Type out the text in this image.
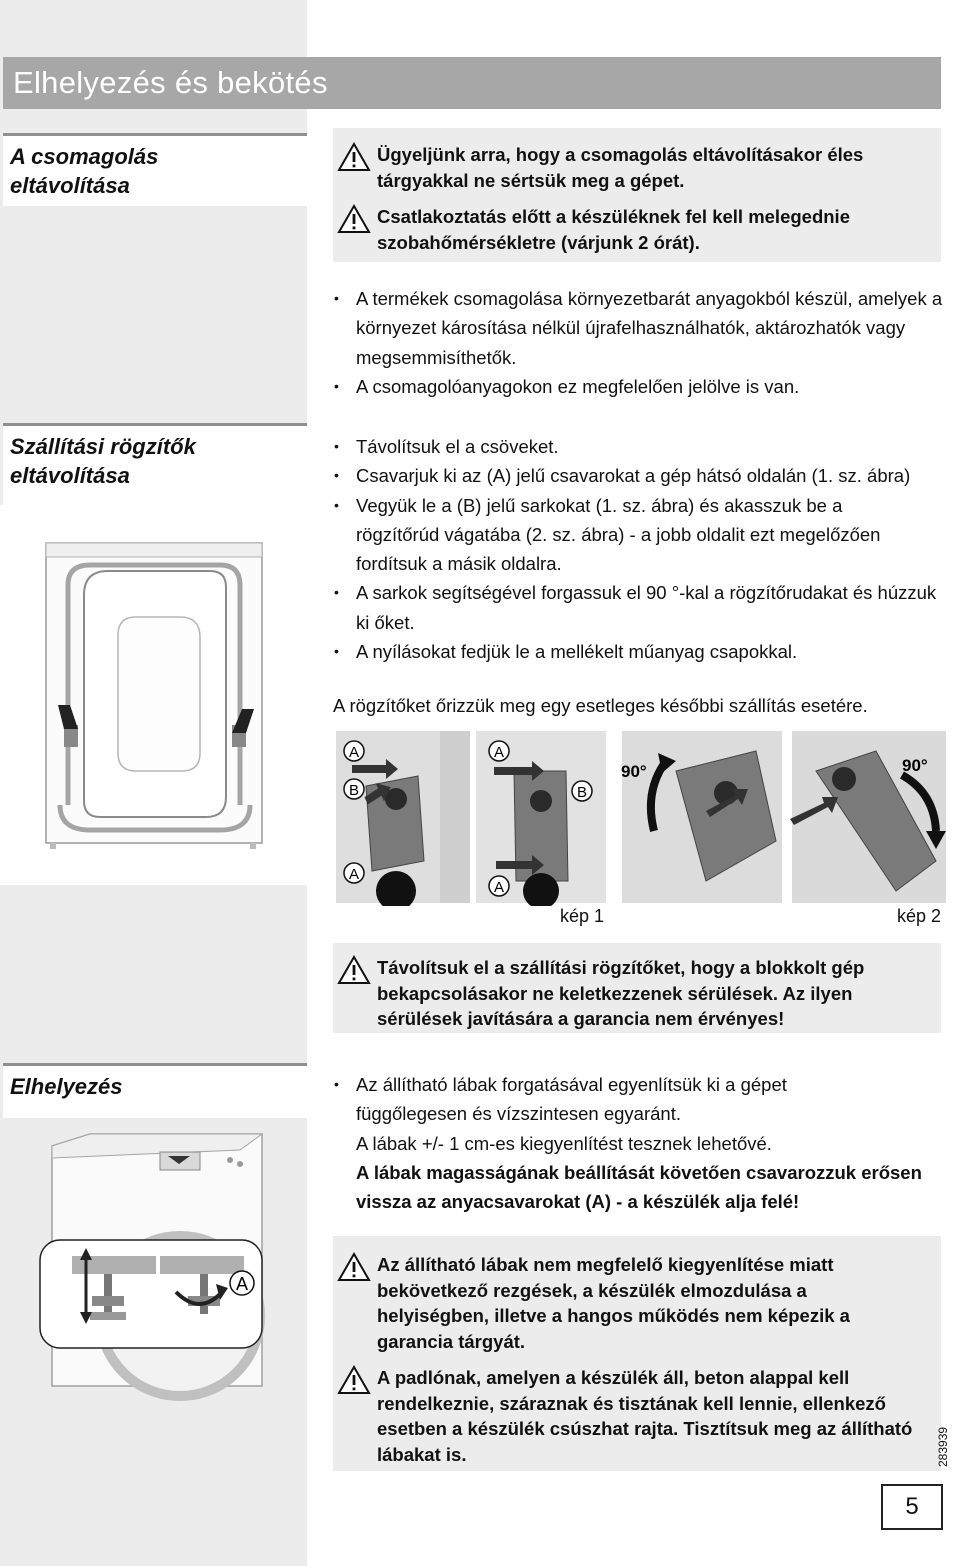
Elhelyezés és bekötés
A csomagolás eltávolítása
Ügyeljünk arra, hogy a csomagolás eltávolításakor éles tárgyakkal ne sértsük meg a gépet.
Csatlakoztatás előtt a készüléknek fel kell melegednie szobahőmérsékletre (várjunk 2 órát).
• A termékek csomagolása környezetbarát anyagokból készül, amelyek a környezet károsítása nélkül újrafelhasználhatók, aktározhatók vagy megsemmisíthetők.
• A csomagolóanyagokon ez megfelelően jelölve is van.
Szállítási rögzítők eltávolítása
• Távolítsuk el a csöveket.
• Csavarjuk ki az (A) jelű csavarokat a gép hátsó oldalán (1. sz. ábra)
• Vegyük le a (B) jelű sarkokat (1. sz. ábra) és akasszuk be a rögzítőrúd vágatába (2. sz. ábra) - a jobb oldalit ezt megelőzően fordítsuk a másik oldalra.
• A sarkok segítségével forgassuk el 90 °-kal a rögzítőrudakat és húzzuk ki őket.
• A nyílásokat fedjük le a mellékelt műanyag csapokkal.
A rögzítőket őrizzük meg egy esetleges későbbi szállítás esetére.
A
B
A
A
B
A
90°	90°
kép 1	kép 2
Távolítsuk el a szállítási rögzítőket, hogy a blokkolt gép bekapcsolásakor ne keletkezzenek sérülések. Az ilyen sérülések javítására a garancia nem érvényes!
Elhelyezés
A
• Az állítható lábak forgatásával egyenlítsük ki a gépet függőlegesen és vízszintesen egyaránt.
A lábak +/- 1 cm-es kiegyenlítést tesznek lehetővé.
A lábak magasságának beállítását követően csavarozzuk erősen vissza az anyacsavarokat (A) - a készülék alja felé!
Az állítható lábak nem megfelelő kiegyenlítése miatt bekövetkező rezgések, a készülék elmozdulása a helyiségben, illetve a hangos működés nem képezik a garancia tárgyát.
A padlónak, amelyen a készülék áll, beton alappal kell rendelkeznie, száraznak és tisztának kell lennie, ellenkező esetben a készülék csúszhat rajta. Tisztítsuk meg az állítható lábakat is.	283939
5
